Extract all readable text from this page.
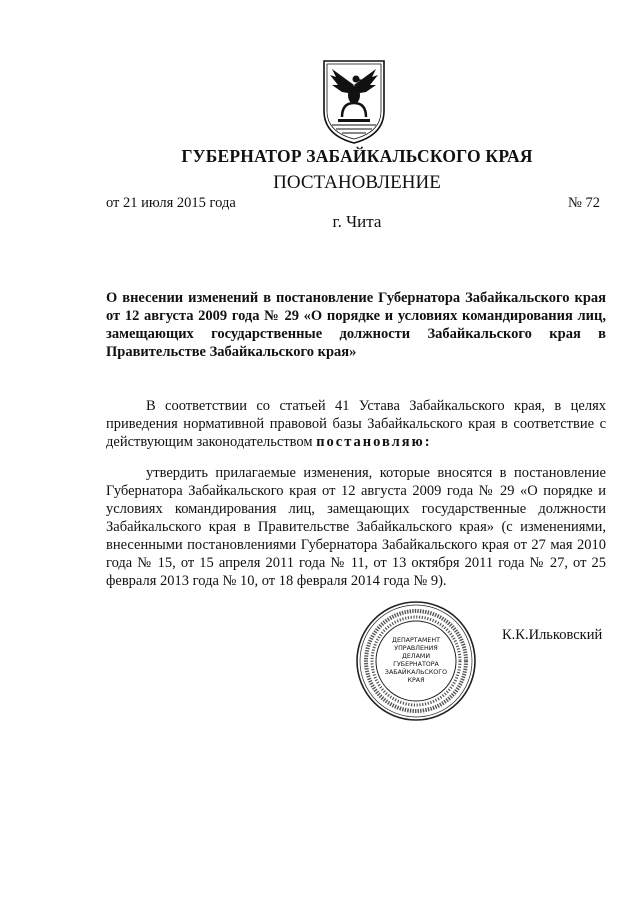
ГУБЕРНАТОР ЗАБАЙКАЛЬСКОГО КРАЯ
ПОСТАНОВЛЕНИЕ
от 21 июля 2015 года	№ 72
г. Чита
О внесении изменений в постановление Губернатора Забайкальского края от 12 августа 2009 года № 29 «О порядке и условиях командирования лиц, замещающих государственные должности Забайкальского края в Правительстве Забайкальского края»
В соответствии со статьей 41 Устава Забайкальского края, в целях приведения нормативной правовой базы Забайкальского края в соответствие с действующим законодательством постановляю:
утвердить прилагаемые изменения, которые вносятся в постановление Губернатора Забайкальского края от 12 августа 2009 года № 29 «О порядке и условиях командирования лиц, замещающих государственные должности Забайкальского края в Правительстве Забайкальского края» (с изменениями, внесенными постановлениями Губернатора Забайкальского края от 27 мая 2010 года № 15, от 15 апреля 2011 года № 11, от 13 октября 2011 года № 27, от 25 февраля 2013 года № 10, от 18 февраля 2014 года № 9).
ДЕПАРТАМЕНТ
УПРАВЛЕНИЯ
ДЕЛАМИ
ГУБЕРНАТОРА
ЗАБАЙКАЛЬСКОГО
КРАЯ
К.К.Ильковский
